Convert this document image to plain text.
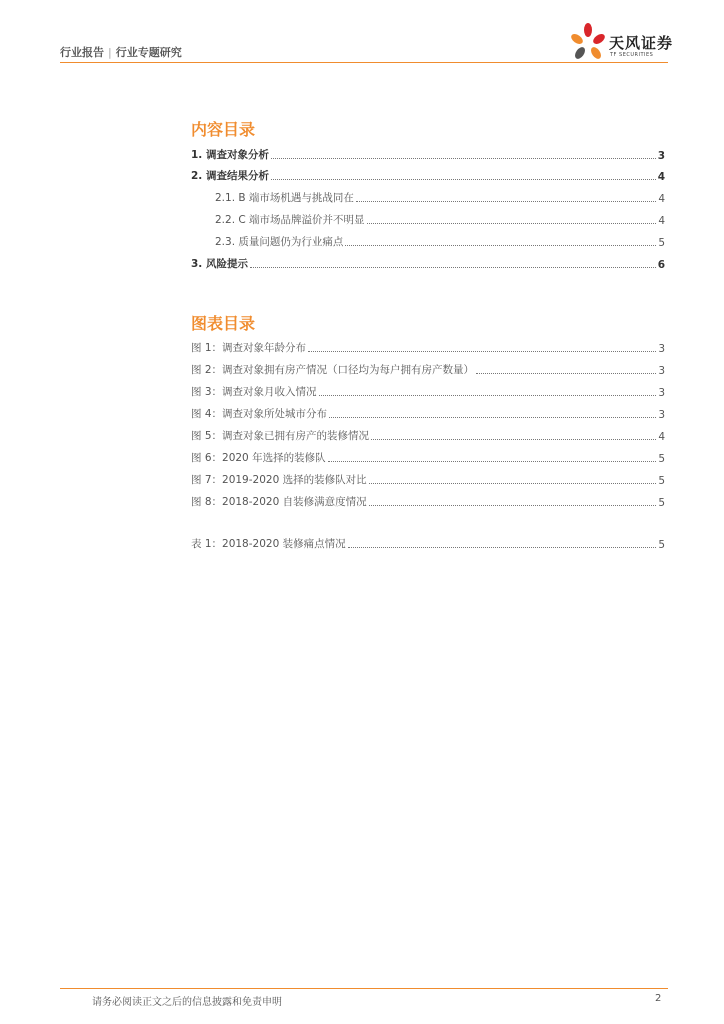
行业报告 | 行业专题研究
天风证券
TF SECURITIES
内容目录
1. 调查对象分析	3
2. 调查结果分析	4
2.1. B 端市场机遇与挑战同在	4
2.2. C 端市场品牌溢价并不明显	4
2.3. 质量问题仍为行业痛点	5
3. 风险提示	6
图表目录
图 1：调查对象年龄分布	3
图 2：调查对象拥有房产情况（口径均为每户拥有房产数量）	3
图 3：调查对象月收入情况	3
图 4：调查对象所处城市分布	3
图 5：调查对象已拥有房产的装修情况	4
图 6：2020 年选择的装修队	5
图 7：2019-2020 选择的装修队对比	5
图 8：2018-2020 自装修满意度情况	5
表 1：2018-2020 装修痛点情况	5
请务必阅读正文之后的信息披露和免责申明	2
